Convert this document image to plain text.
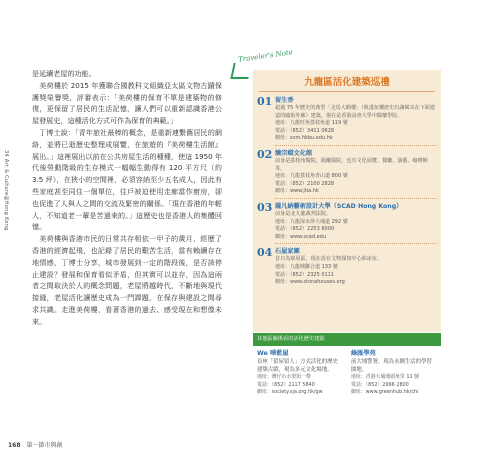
34 Art & Culture@Hong Kong

是延續老屋的功能。

　美荷樓於 2015 年獲聯合國教科文組織亞太區文物古蹟保護獎榮譽獎，評審表示：「美荷樓的保育不單是建築物的修復，更保留了居民的生活記憶，讓人們可以重新認識香港公屋發展史，這種活化方式可作為保育的典範。」

　丁博士說：「青年旅社最棒的概念，是重新連繫舊居民的網絡，並將已逝歷史整理成展覽，在旅遊的『美荷樓生活館』展出。」這裡展出以前在公共房屋生活的種種，使這 1950 年代後勞動階級的生存模式一幅幅生動得有 120 平方尺（約 3.5 坪），在狹小的空間裡，必須容納至少五名成人，因此有些家庭甚至同住一個單位，往戶被迫使用走廊當作廚房，卻也促進了人與人之間的交流及緊密的關係。「現在香港的年輕人，不知道老一輩是苦過來的。」這歷史也是香港人的集體回憶。

　美荷樓與香港市民的日常共存相依一甲子的歲月，經歷了香港的經濟起飛，也記錄了居民的艱苦生活，當有賴續存在地情感，丁博士分享，城市發展到一定的階段後，是否該停止建設？發展和保育看似矛盾，但其實可以並存，因為這兩者之間取決於人的概念問題，老屋將越時代，不斷地與現代接縫，老屋活化讓歷史成為一門課題，在保存與建設之間尋求共識。走進美荷樓，看著香港的過去、感受現在和想像未來。

168 第一節市與創
Traveler's Note
九龍區活化建築巡禮
01 留生香
超過 75 年歷史的典型「走馬大騎樓」（與淺灰樓唐史幻讓風耳在下面建造的臨街外廊）建築，現在是香港浸會大學中醫藥學院。
地址：九龍旺角荔枝角道 119 號
電話：（852）3411 0628
網址：scm.hkbu.edu.hk
02 饒宗頤文化館
前身是荔枝角醫院、隔離醫院，也有文化展覽、餐廳、演藝、咖啡館等。
地址：九龍荔枝角青山道 800 號
電話：（852）2100 2828
網址：www.jtia.hk
03 薩凡納藝術設計大學（SCAD Hong Kong）
前身是北九龍裁判法院。
地址：九龍深水埗大埔道 292 號
電話：（852）2253 8000
網址：www.scad.edu
04 石屋家園
昔日為寮屋區，現在設有文物探知中心和冰室。
地址：九龍城聯合道 133 號
電話：（852）2325 0111
網址：www.stonehouses.org
其他區關係看的活化歷史建築
We 嘩藍屋
首座「留屋留人」方式活化的歷史建築古蹟，現為多元文化場地。
地址：灣仔石水渠街一帶
電話：（852）2117 5840
網址：society.sja.org.hk/gw
綠匯學苑
前大埔警署，現為永續生活的學習園地。
地址：香港大埔運頭角里 11 號
電話：（852）2996 2800
網址：www.greenhub.hk/chi
